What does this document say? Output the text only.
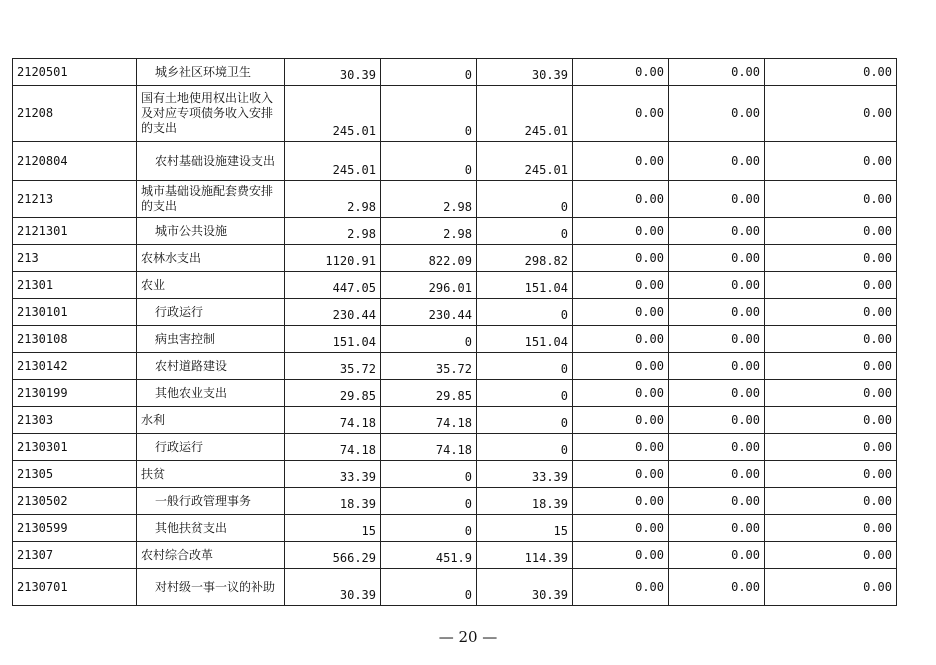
2120501	城乡社区环境卫生	30.39	0	30.39	0.00	0.00	0.00
21208	国有土地使用权出让收入及对应专项债务收入安排的支出	245.01	0	245.01	0.00	0.00	0.00
2120804	农村基础设施建设支出	245.01	0	245.01	0.00	0.00	0.00
21213	城市基础设施配套费安排的支出	2.98	2.98	0	0.00	0.00	0.00
2121301	城市公共设施	2.98	2.98	0	0.00	0.00	0.00
213	农林水支出	1120.91	822.09	298.82	0.00	0.00	0.00
21301	农业	447.05	296.01	151.04	0.00	0.00	0.00
2130101	行政运行	230.44	230.44	0	0.00	0.00	0.00
2130108	病虫害控制	151.04	0	151.04	0.00	0.00	0.00
2130142	农村道路建设	35.72	35.72	0	0.00	0.00	0.00
2130199	其他农业支出	29.85	29.85	0	0.00	0.00	0.00
21303	水利	74.18	74.18	0	0.00	0.00	0.00
2130301	行政运行	74.18	74.18	0	0.00	0.00	0.00
21305	扶贫	33.39	0	33.39	0.00	0.00	0.00
2130502	一般行政管理事务	18.39	0	18.39	0.00	0.00	0.00
2130599	其他扶贫支出	15	0	15	0.00	0.00	0.00
21307	农村综合改革	566.29	451.9	114.39	0.00	0.00	0.00
2130701	对村级一事一议的补助	30.39	0	30.39	0.00	0.00	0.00
— 20 —
